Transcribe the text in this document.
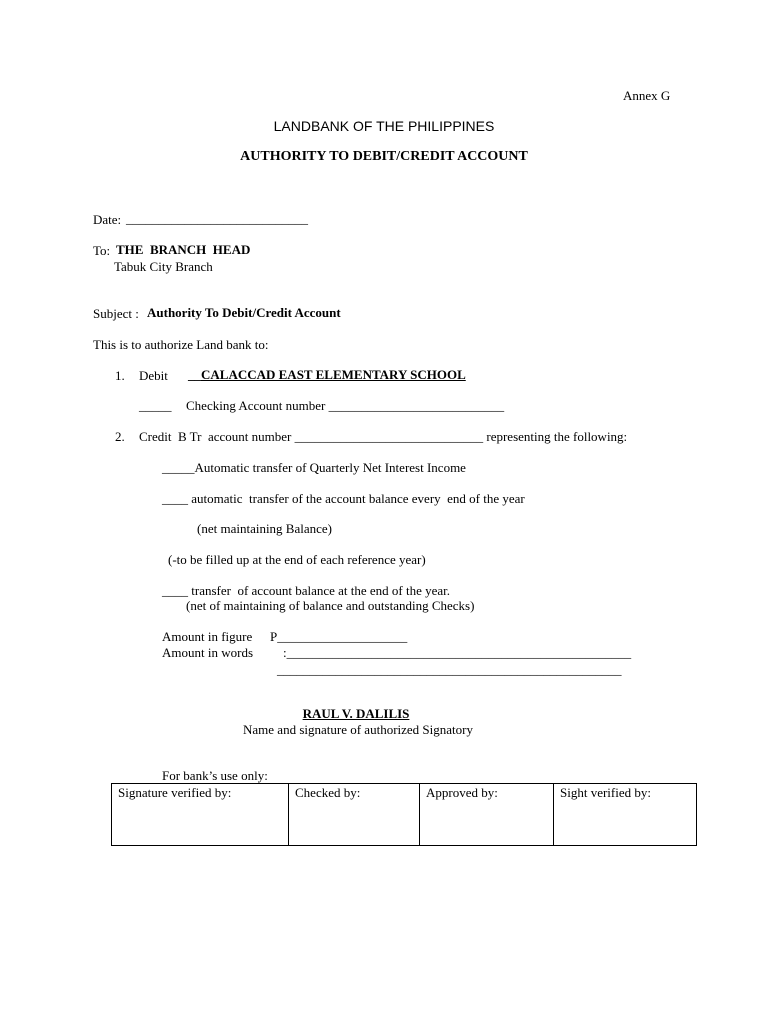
Annex G
LANDBANK OF THE PHILIPPINES
AUTHORITY TO DEBIT/CREDIT ACCOUNT
Date: ____________________________
To: THE  BRANCH  HEAD
Tabuk City Branch
Subject : Authority To Debit/Credit Account
This is to authorize Land bank to:
1. Debit __CALACCAD EAST ELEMENTARY SCHOOL
_____ Checking Account number ___________________________
2. Credit  B Tr  account number _____________________________ representing the following:
_____Automatic transfer of Quarterly Net Interest Income
____ automatic  transfer of the account balance every  end of the year
(net maintaining Balance)
(-to be filled up at the end of each reference year)
____ transfer  of account balance at the end of the year.
(net of maintaining of balance and outstanding Checks)
Amount in figure P____________________
Amount in words :_____________________________________________________
_____________________________________________________
RAUL V. DALILIS
Name and signature of authorized Signatory
For bank’s use only:
Signature verified by:	Checked by:	Approved by:	Sight verified by:
